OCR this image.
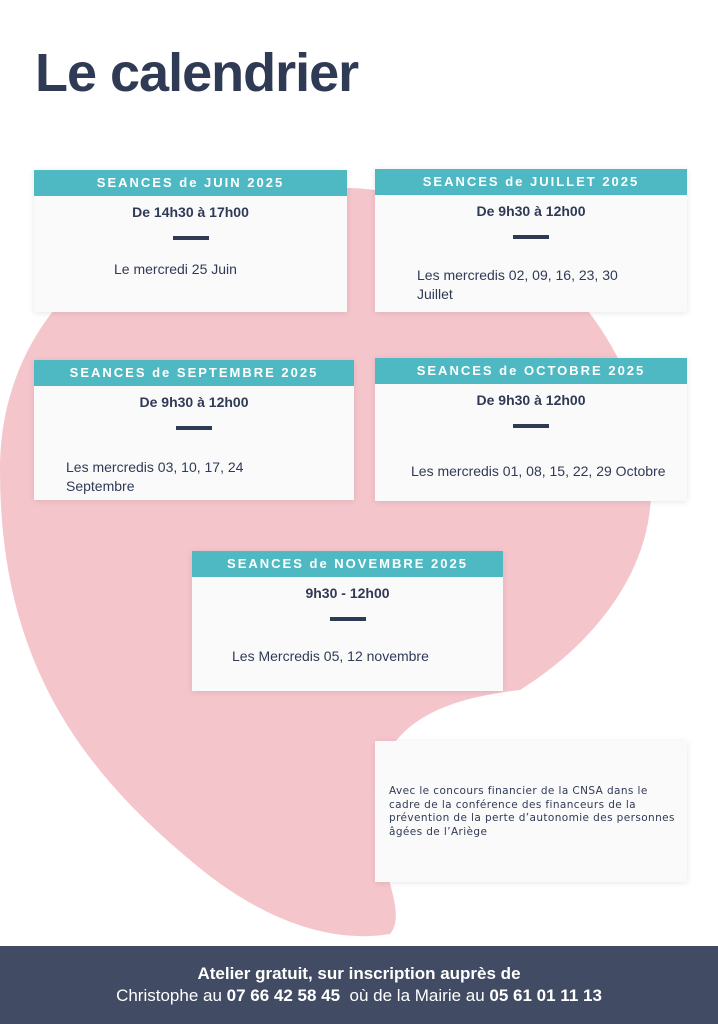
Le calendrier
SEANCES de JUIN 2025
De 14h30 à 17h00
Le mercredi 25 Juin
SEANCES de JUILLET 2025
De 9h30 à 12h00
Les mercredis 02, 09, 16, 23, 30 Juillet
SEANCES de SEPTEMBRE 2025
De 9h30 à 12h00
Les mercredis 03, 10, 17, 24 Septembre
SEANCES de OCTOBRE 2025
De 9h30 à 12h00
Les mercredis 01, 08, 15, 22, 29 Octobre
SEANCES de NOVEMBRE 2025
9h30 - 12h00
Les Mercredis 05, 12 novembre

Avec le concours financier de la CNSA dans le cadre de la conférence des financeurs de la prévention de la perte d’autonomie des personnes âgées de l’Ariège

Atelier gratuit, sur inscription auprès de
Christophe au 07 66 42 58 45  où de la Mairie au 05 61 01 11 13
